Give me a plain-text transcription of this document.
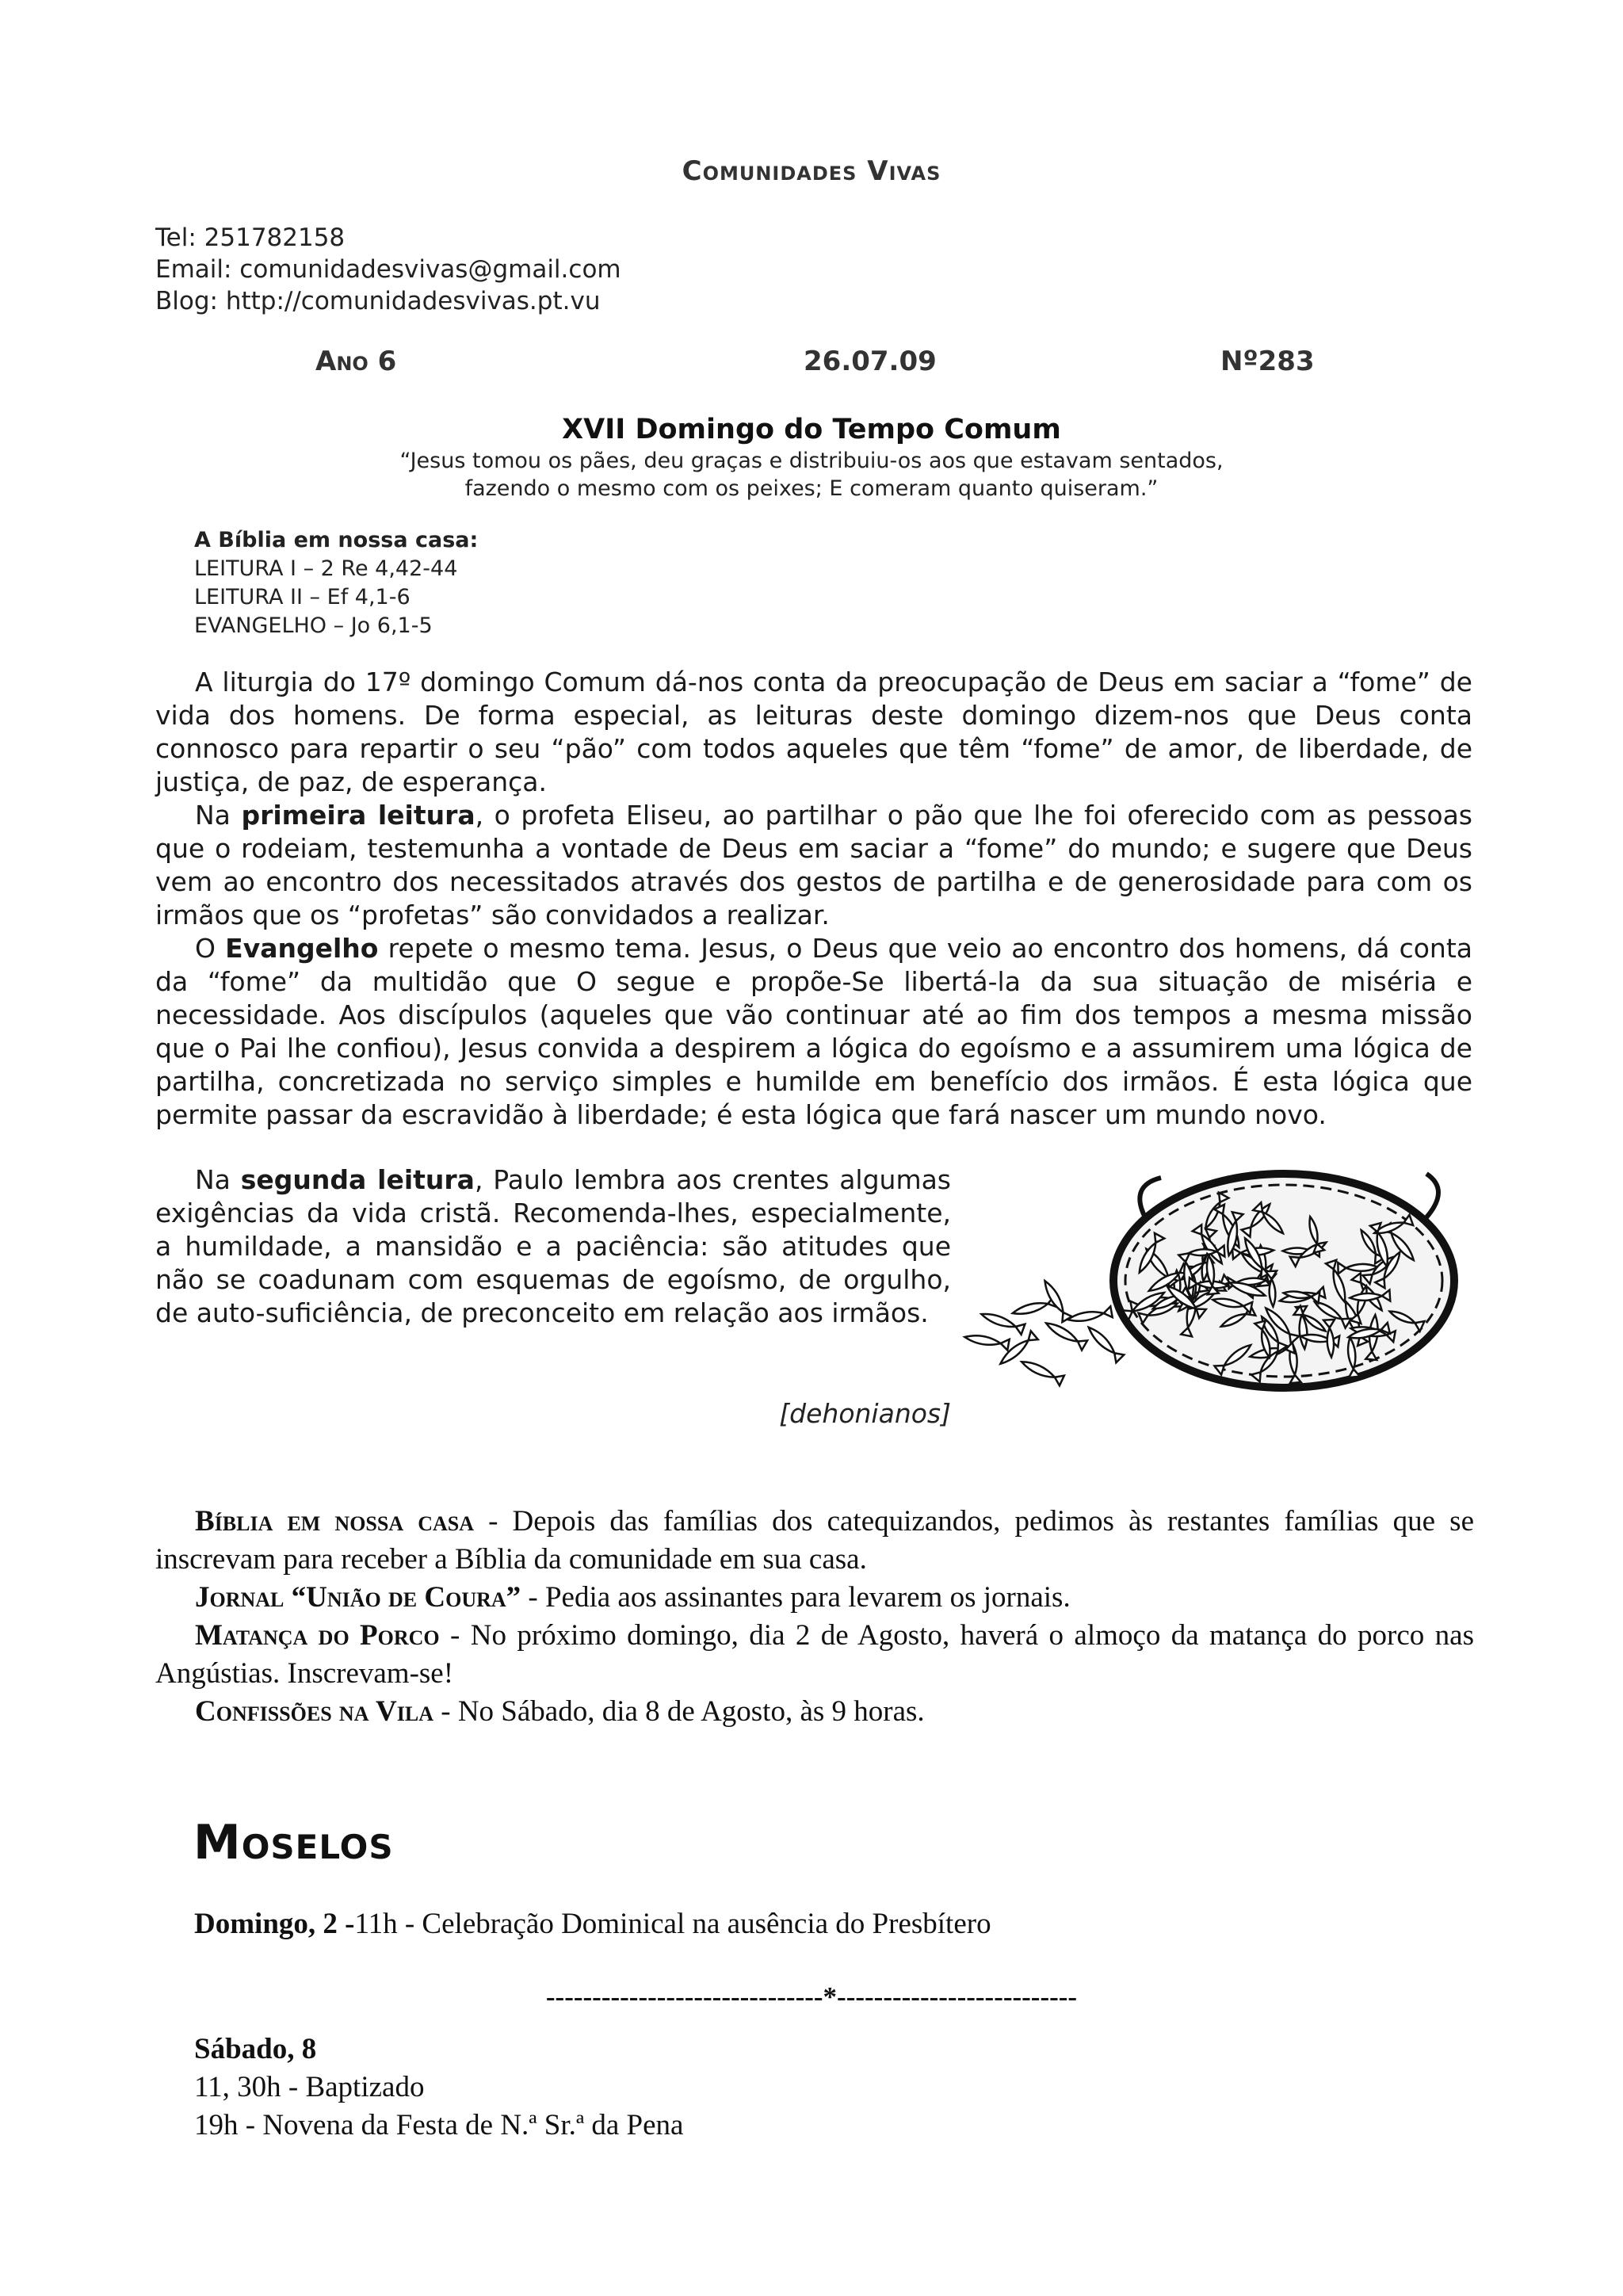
Comunidades Vivas
Tel: 251782158
Email: comunidadesvivas@gmail.com
Blog: http://comunidadesvivas.pt.vu
Ano 6	26.07.09	Nº283
XVII Domingo do Tempo Comum
“Jesus tomou os pães, deu graças e distribuiu-os aos que estavam sentados,
fazendo o mesmo com os peixes; E comeram quanto quiseram.”
A Bíblia em nossa casa:
LEITURA I – 2 Re 4,42-44
LEITURA II – Ef 4,1-6
EVANGELHO – Jo 6,1-5

A liturgia do 17º domingo Comum dá-nos conta da preocupação de Deus em saciar a “fome” de vida dos homens. De forma especial, as leituras deste domingo dizem-nos que Deus conta connosco para repartir o seu “pão” com todos aqueles que têm “fome” de amor, de liberdade, de justiça, de paz, de esperança.

Na primeira leitura, o profeta Eliseu, ao partilhar o pão que lhe foi oferecido com as pessoas que o rodeiam, testemunha a vontade de Deus em saciar a “fome” do mundo; e sugere que Deus vem ao encontro dos necessitados através dos gestos de partilha e de generosidade para com os irmãos que os “profetas” são convidados a realizar.

O Evangelho repete o mesmo tema. Jesus, o Deus que veio ao encontro dos homens, dá conta da “fome” da multidão que O segue e propõe-Se libertá-la da sua situação de miséria e necessidade. Aos discípulos (aqueles que vão continuar até ao fim dos tempos a mesma missão que o Pai lhe confiou), Jesus convida a despirem a lógica do egoísmo e a assumirem uma lógica de partilha, concretizada no serviço simples e humilde em benefício dos irmãos. É esta lógica que permite passar da escravidão à liberdade; é esta lógica que fará nascer um mundo novo.

Na segunda leitura, Paulo lembra aos crentes algumas exigências da vida cristã. Recomenda-lhes, especialmente, a humildade, a mansidão e a paciência: são atitudes que não se coadunam com esquemas de egoísmo, de orgulho, de auto-suficiência, de preconceito em relação aos irmãos.

[dehonianos]

Bíblia em nossa casa - Depois das famílias dos catequizandos, pedimos às restantes famílias que se inscrevam para receber a Bíblia da comunidade em sua casa.

Jornal “União de Coura” - Pedia aos assinantes para levarem os jornais.

Matança do Porco - No próximo domingo, dia 2 de Agosto, haverá o almoço da matança do porco nas Angústias. Inscrevam-se!

Confissões na Vila - No Sábado, dia 8 de Agosto, às 9 horas.

Moselos
Domingo, 2 -11h - Celebração Dominical na ausência do Presbítero
------------------------------*--------------------------
Sábado, 8
11, 30h - Baptizado
19h - Novena da Festa de N.ª Sr.ª da Pena
